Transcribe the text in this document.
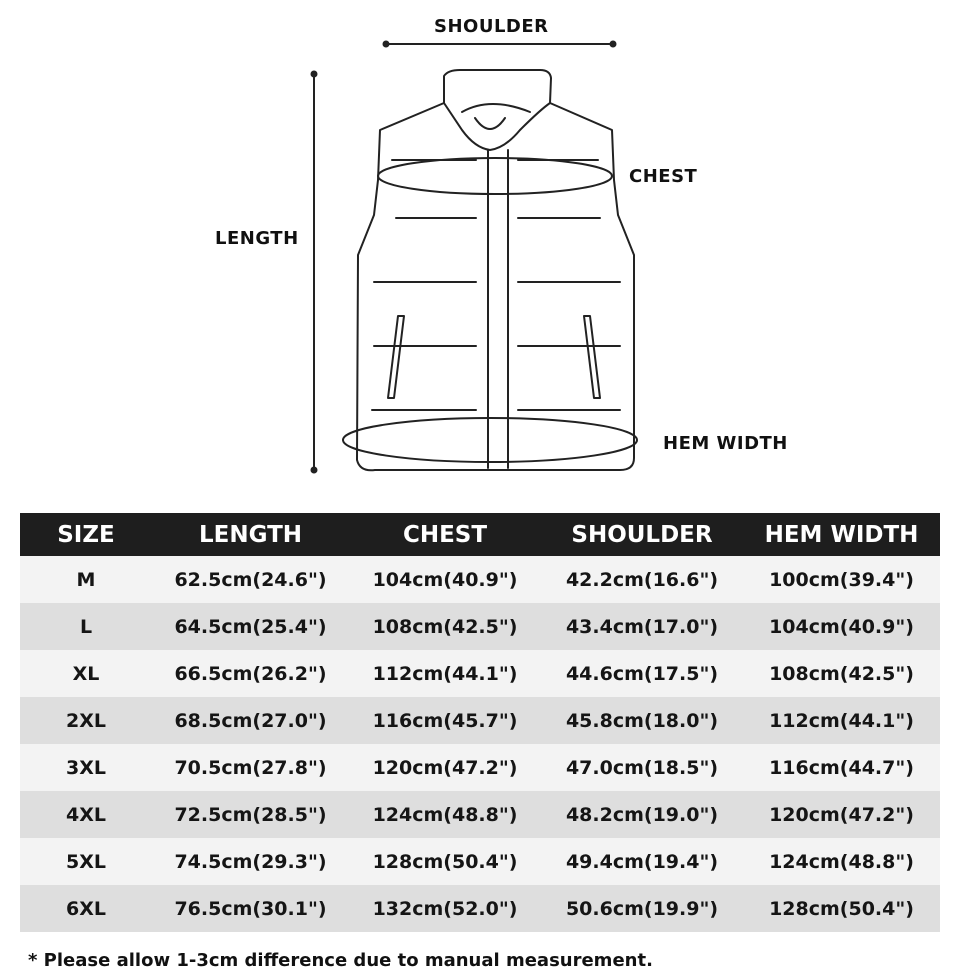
SHOULDER
CHEST
LENGTH
HEM WIDTH
SIZE	LENGTH	CHEST	SHOULDER	HEM WIDTH
M	62.5cm(24.6")	104cm(40.9")	42.2cm(16.6")	100cm(39.4")
L	64.5cm(25.4")	108cm(42.5")	43.4cm(17.0")	104cm(40.9")
XL	66.5cm(26.2")	112cm(44.1")	44.6cm(17.5")	108cm(42.5")
2XL	68.5cm(27.0")	116cm(45.7")	45.8cm(18.0")	112cm(44.1")
3XL	70.5cm(27.8")	120cm(47.2")	47.0cm(18.5")	116cm(44.7")
4XL	72.5cm(28.5")	124cm(48.8")	48.2cm(19.0")	120cm(47.2")
5XL	74.5cm(29.3")	128cm(50.4")	49.4cm(19.4")	124cm(48.8")
6XL	76.5cm(30.1")	132cm(52.0")	50.6cm(19.9")	128cm(50.4")
* Please allow 1-3cm difference due to manual measurement.
